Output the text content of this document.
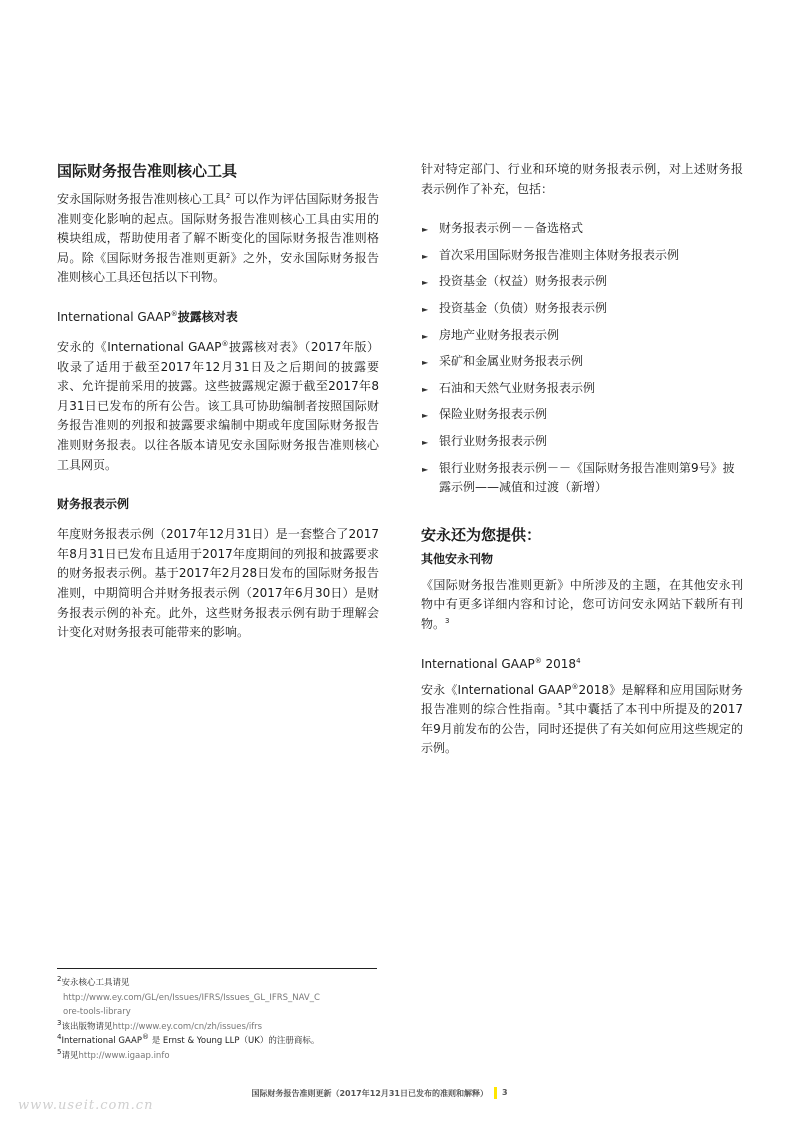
国际财务报告准则核心工具

安永国际财务报告准则核心工具$^2$ 可以作为评估国际财务报告准则变化影响的起点。国际财务报告准则核心工具由实用的模块组成，帮助使用者了解不断变化的国际财务报告准则格局。除《国际财务报告准则更新》之外，安永国际财务报告准则核心工具还包括以下刊物。

International GAAP®披露核对表

安永的《International GAAP®披露核对表》（2017年版）收录了适用于截至2017年12月31日及之后期间的披露要求、允许提前采用的披露。这些披露规定源于截至2017年8月31日已发布的所有公告。该工具可协助编制者按照国际财务报告准则的列报和披露要求编制中期或年度国际财务报告准则财务报表。以往各版本请见安永国际财务报告准则核心工具网页。

财务报表示例

年度财务报表示例（2017年12月31日）是一套整合了2017年8月31日已发布且适用于2017年度期间的列报和披露要求的财务报表示例。基于2017年2月28日发布的国际财务报告准则，中期简明合并财务报表示例（2017年6月30日）是财务报表示例的补充。此外，这些财务报表示例有助于理解会计变化对财务报表可能带来的影响。

针对特定部门、行业和环境的财务报表示例，对上述财务报表示例作了补充，包括：

► 财务报表示例－－备选格式
► 首次采用国际财务报告准则主体财务报表示例
► 投资基金（权益）财务报表示例
► 投资基金（负债）财务报表示例
► 房地产业财务报表示例
► 采矿和金属业财务报表示例
► 石油和天然气业财务报表示例
► 保险业财务报表示例
► 银行业财务报表示例
► 银行业财务报表示例－－《国际财务报告准则第9号》披露示例——减值和过渡（新增）
安永还为您提供：
其他安永刊物

《国际财务报告准则更新》中所涉及的主题，在其他安永刊物中有更多详细内容和讨论，您可访问安永网站下载所有刊物。$^3$

International GAAP® 2018$^4$

安永《International GAAP®2018》是解释和应用国际财务报告准则的综合性指南。$^5$其中囊括了本刊中所提及的2017年9月前发布的公告，同时还提供了有关如何应用这些规定的示例。

$^2$安永核心工具请见

http://www.ey.com/GL/en/Issues/IFRS/Issues_GL_IFRS_NAV_C

ore-tools-library

$^3$该出版物请见http://www.ey.com/cn/zh/issues/ifrs

$^4$International GAAP® 是 Ernst & Young LLP（UK）的注册商标。

$^5$请见http://www.igaap.info

国际财务报告准则更新（2017年12月31日已发布的准则和解释） 3
www.useit.com.cn
